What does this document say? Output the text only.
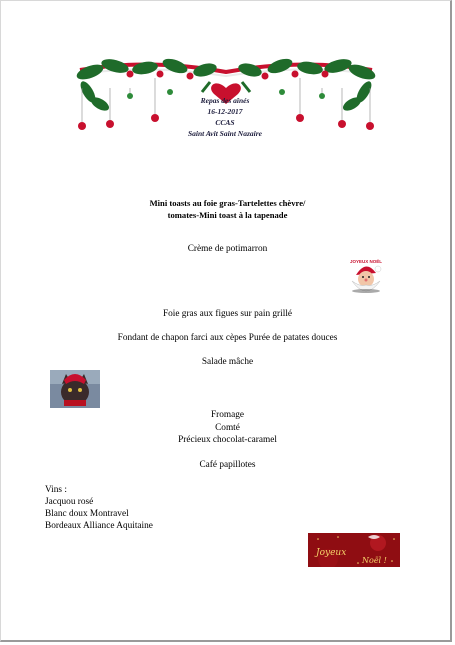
Repas des aînés
16-12-2017
CCAS
Saint Avit Saint Nazaire
Mini toasts au foie gras-Tartelettes chèvre/
tomates-Mini toast à la tapenade
Crème de potimarron
JOYEUX NOËL
Foie gras aux figues sur pain grillé
Fondant de chapon farci aux cèpes Purée de patates douces
Salade mâche
Fromage
Comté
Précieux chocolat-caramel
Café papillotes
Vins :
Jacquou rosé
Blanc doux Montravel
Bordeaux Alliance Aquitaine
Joyeux
Noël !
